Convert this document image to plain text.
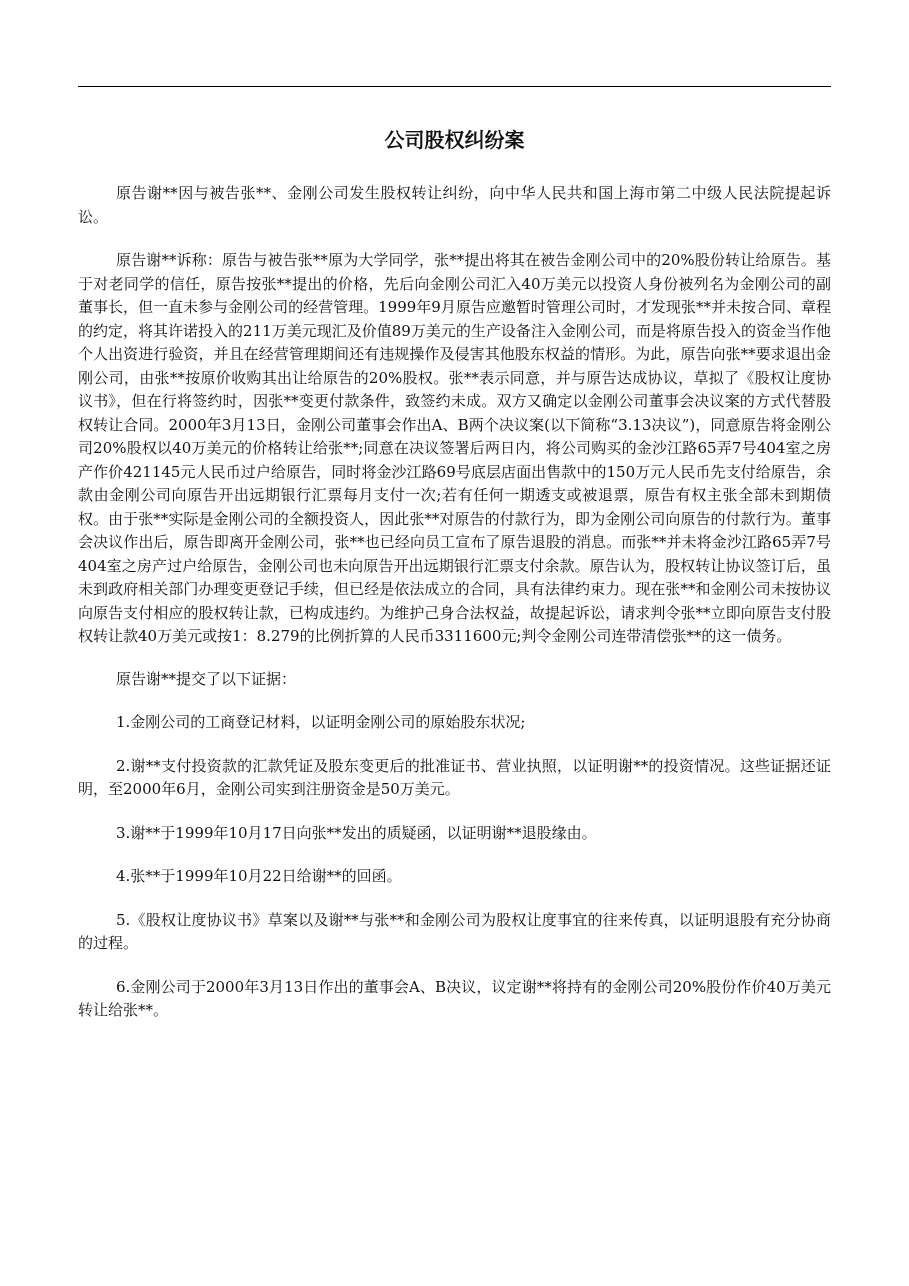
公司股权纠纷案

原告谢**因与被告张**、金刚公司发生股权转让纠纷，向中华人民共和国上海市第二中级人民法院提起诉讼。

原告谢**诉称：原告与被告张**原为大学同学，张**提出将其在被告金刚公司中的20%股份转让给原告。基于对老同学的信任，原告按张**提出的价格，先后向金刚公司汇入40万美元以投资人身份被列名为金刚公司的副董事长，但一直未参与金刚公司的经营管理。1999年9月原告应邀暂时管理公司时，才发现张**并未按合同、章程的约定，将其许诺投入的211万美元现汇及价值89万美元的生产设备注入金刚公司，而是将原告投入的资金当作他个人出资进行验资，并且在经营管理期间还有违规操作及侵害其他股东权益的情形。为此，原告向张**要求退出金刚公司，由张**按原价收购其出让给原告的20%股权。张**表示同意，并与原告达成协议，草拟了《股权让度协议书》，但在行将签约时，因张**变更付款条件，致签约未成。双方又确定以金刚公司董事会决议案的方式代替股权转让合同。2000年3月13日，金刚公司董事会作出A、B两个决议案(以下简称“3.13决议”)，同意原告将金刚公司20%股权以40万美元的价格转让给张**;同意在决议签署后两日内，将公司购买的金沙江路65弄7号404室之房产作价421145元人民币过户给原告，同时将金沙江路69号底层店面出售款中的150万元人民币先支付给原告，余款由金刚公司向原告开出远期银行汇票每月支付一次;若有任何一期透支或被退票，原告有权主张全部未到期债权。由于张**实际是金刚公司的全额投资人，因此张**对原告的付款行为，即为金刚公司向原告的付款行为。董事会决议作出后，原告即离开金刚公司，张**也已经向员工宣布了原告退股的消息。而张**并未将金沙江路65弄7号404室之房产过户给原告，金刚公司也未向原告开出远期银行汇票支付余款。原告认为，股权转让协议签订后，虽未到政府相关部门办理变更登记手续，但已经是依法成立的合同，具有法律约束力。现在张**和金刚公司未按协议向原告支付相应的股权转让款，已构成违约。为维护己身合法权益，故提起诉讼，请求判令张**立即向原告支付股权转让款40万美元或按1：8.279的比例折算的人民币3311600元;判令金刚公司连带清偿张**的这一债务。

原告谢**提交了以下证据：

1.金刚公司的工商登记材料，以证明金刚公司的原始股东状况;

2.谢**支付投资款的汇款凭证及股东变更后的批准证书、营业执照，以证明谢**的投资情况。这些证据还证明，至2000年6月，金刚公司实到注册资金是50万美元。

3.谢**于1999年10月17日向张**发出的质疑函，以证明谢**退股缘由。

4.张**于1999年10月22日给谢**的回函。

5.《股权让度协议书》草案以及谢**与张**和金刚公司为股权让度事宜的往来传真，以证明退股有充分协商的过程。

6.金刚公司于2000年3月13日作出的董事会A、B决议，议定谢**将持有的金刚公司20%股份作价40万美元转让给张**。
